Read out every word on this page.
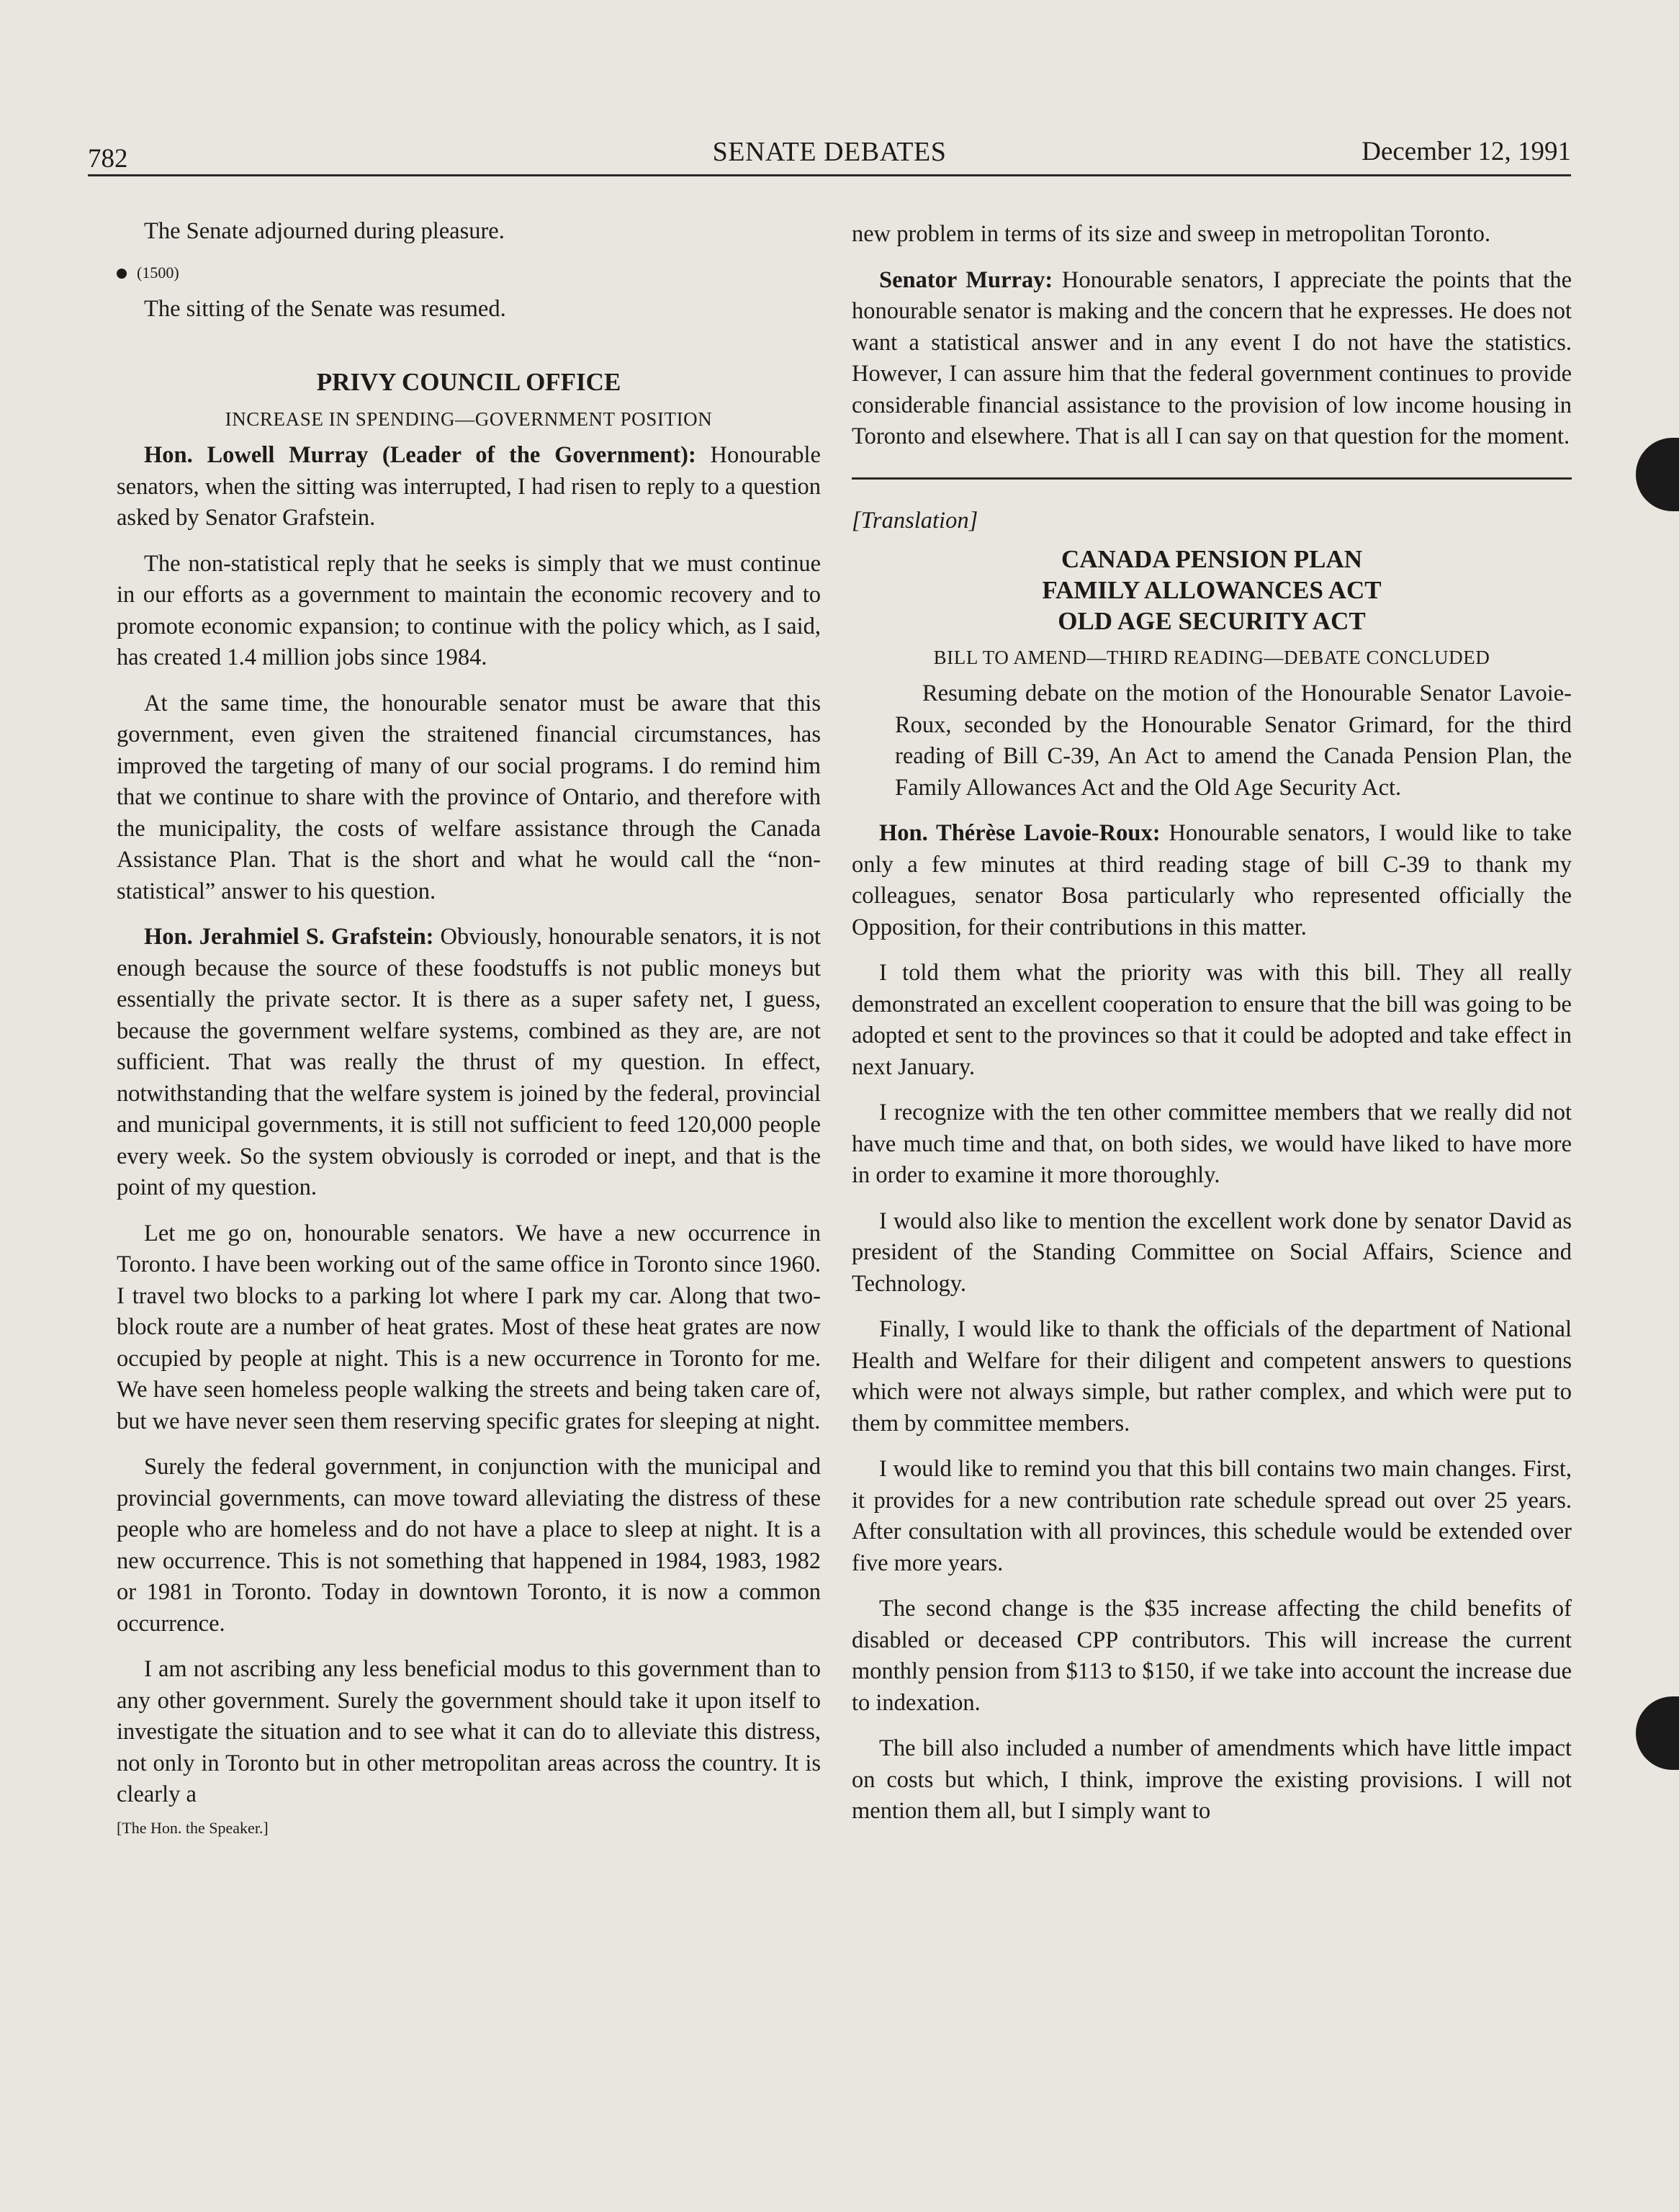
782	SENATE DEBATES	December 12, 1991

The Senate adjourned during pleasure.

(1500)

The sitting of the Senate was resumed.

PRIVY COUNCIL OFFICE
INCREASE IN SPENDING—GOVERNMENT POSITION

Hon. Lowell Murray (Leader of the Government): Honourable senators, when the sitting was interrupted, I had risen to reply to a question asked by Senator Grafstein.

The non-statistical reply that he seeks is simply that we must continue in our efforts as a government to maintain the economic recovery and to promote economic expansion; to continue with the policy which, as I said, has created 1.4 million jobs since 1984.

At the same time, the honourable senator must be aware that this government, even given the straitened financial circumstances, has improved the targeting of many of our social programs. I do remind him that we continue to share with the province of Ontario, and therefore with the municipality, the costs of welfare assistance through the Canada Assistance Plan. That is the short and what he would call the “non-statistical” answer to his question.

Hon. Jerahmiel S. Grafstein: Obviously, honourable senators, it is not enough because the source of these foodstuffs is not public moneys but essentially the private sector. It is there as a super safety net, I guess, because the government welfare systems, combined as they are, are not sufficient. That was really the thrust of my question. In effect, notwithstanding that the welfare system is joined by the federal, provincial and municipal governments, it is still not sufficient to feed 120,000 people every week. So the system obviously is corroded or inept, and that is the point of my question.

Let me go on, honourable senators. We have a new occurrence in Toronto. I have been working out of the same office in Toronto since 1960. I travel two blocks to a parking lot where I park my car. Along that two-block route are a number of heat grates. Most of these heat grates are now occupied by people at night. This is a new occurrence in Toronto for me. We have seen homeless people walking the streets and being taken care of, but we have never seen them reserving specific grates for sleeping at night.

Surely the federal government, in conjunction with the municipal and provincial governments, can move toward alleviating the distress of these people who are homeless and do not have a place to sleep at night. It is a new occurrence. This is not something that happened in 1984, 1983, 1982 or 1981 in Toronto. Today in downtown Toronto, it is now a common occurrence.

I am not ascribing any less beneficial modus to this government than to any other government. Surely the government should take it upon itself to investigate the situation and to see what it can do to alleviate this distress, not only in Toronto but in other metropolitan areas across the country. It is clearly a

[The Hon. the Speaker.]

new problem in terms of its size and sweep in metropolitan Toronto.

Senator Murray: Honourable senators, I appreciate the points that the honourable senator is making and the concern that he expresses. He does not want a statistical answer and in any event I do not have the statistics. However, I can assure him that the federal government continues to provide considerable financial assistance to the provision of low income housing in Toronto and elsewhere. That is all I can say on that question for the moment.

[Translation]
CANADA PENSION PLAN
FAMILY ALLOWANCES ACT
OLD AGE SECURITY ACT
BILL TO AMEND—THIRD READING—DEBATE CONCLUDED

Resuming debate on the motion of the Honourable Senator Lavoie-Roux, seconded by the Honourable Senator Grimard, for the third reading of Bill C-39, An Act to amend the Canada Pension Plan, the Family Allowances Act and the Old Age Security Act.

Hon. Thérèse Lavoie-Roux: Honourable senators, I would like to take only a few minutes at third reading stage of bill C-39 to thank my colleagues, senator Bosa particularly who represented officially the Opposition, for their contributions in this matter.

I told them what the priority was with this bill. They all really demonstrated an excellent cooperation to ensure that the bill was going to be adopted et sent to the provinces so that it could be adopted and take effect in next January.

I recognize with the ten other committee members that we really did not have much time and that, on both sides, we would have liked to have more in order to examine it more thoroughly.

I would also like to mention the excellent work done by senator David as president of the Standing Committee on Social Affairs, Science and Technology.

Finally, I would like to thank the officials of the department of National Health and Welfare for their diligent and competent answers to questions which were not always simple, but rather complex, and which were put to them by committee members.

I would like to remind you that this bill contains two main changes. First, it provides for a new contribution rate schedule spread out over 25 years. After consultation with all provinces, this schedule would be extended over five more years.

The second change is the $35 increase affecting the child benefits of disabled or deceased CPP contributors. This will increase the current monthly pension from $113 to $150, if we take into account the increase due to indexation.

The bill also included a number of amendments which have little impact on costs but which, I think, improve the existing provisions. I will not mention them all, but I simply want to
